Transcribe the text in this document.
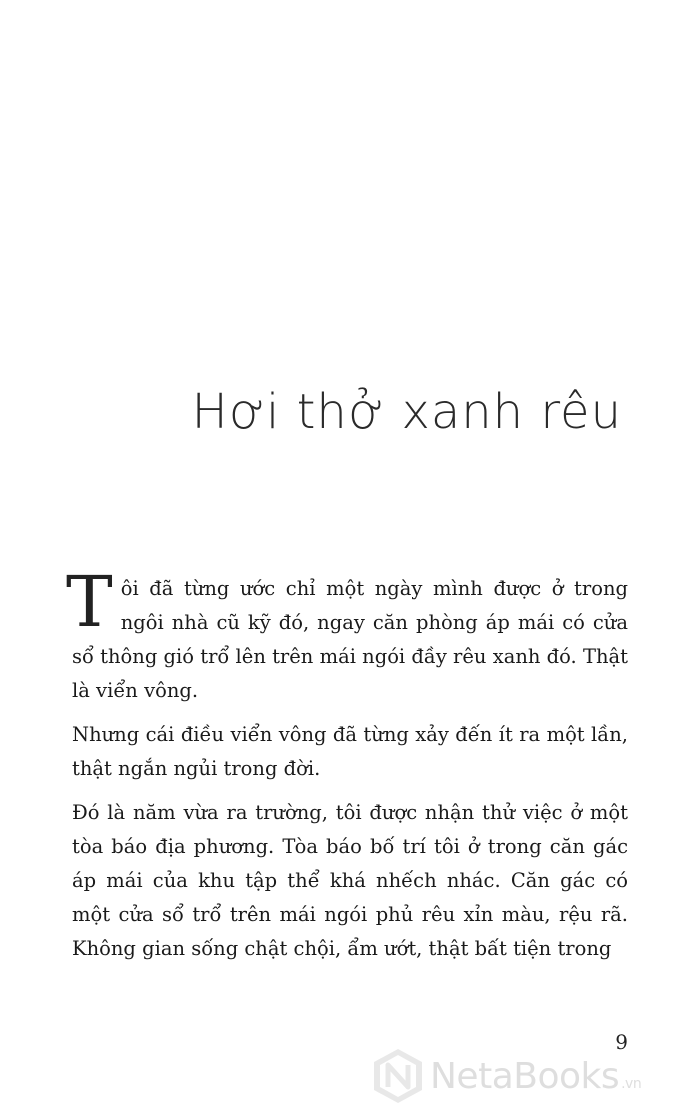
Hơi thở xanh rêu

Tôi đã từng ước chỉ một ngày mình được ở trong ngôi nhà cũ kỹ đó, ngay căn phòng áp mái có cửa sổ thông gió trổ lên trên mái ngói đầy rêu xanh đó. Thật là viển vông.

Nhưng cái điều viển vông đã từng xảy đến ít ra một lần, thật ngắn ngủi trong đời.

Đó là năm vừa ra trường, tôi được nhận thử việc ở một tòa báo địa phương. Tòa báo bố trí tôi ở trong căn gác áp mái của khu tập thể khá nhếch nhác. Căn gác có một cửa sổ trổ trên mái ngói phủ rêu xỉn màu, rệu rã. Không gian sống chật chội, ẩm ướt, thật bất tiện trong

9
NetaBooks .vn
